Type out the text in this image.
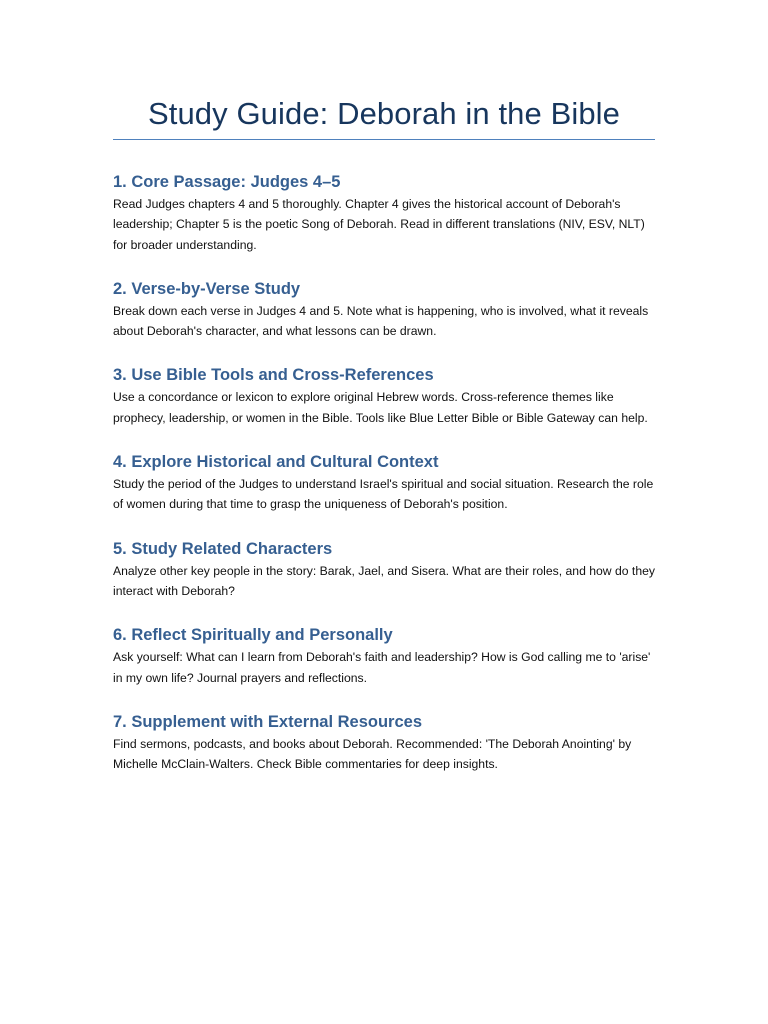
Study Guide: Deborah in the Bible
1. Core Passage: Judges 4–5

Read Judges chapters 4 and 5 thoroughly. Chapter 4 gives the historical account of Deborah's leadership; Chapter 5 is the poetic Song of Deborah. Read in different translations (NIV, ESV, NLT) for broader understanding.

2. Verse-by-Verse Study

Break down each verse in Judges 4 and 5. Note what is happening, who is involved, what it reveals about Deborah's character, and what lessons can be drawn.

3. Use Bible Tools and Cross-References

Use a concordance or lexicon to explore original Hebrew words. Cross-reference themes like prophecy, leadership, or women in the Bible. Tools like Blue Letter Bible or Bible Gateway can help.

4. Explore Historical and Cultural Context

Study the period of the Judges to understand Israel's spiritual and social situation. Research the role of women during that time to grasp the uniqueness of Deborah's position.

5. Study Related Characters

Analyze other key people in the story: Barak, Jael, and Sisera. What are their roles, and how do they interact with Deborah?

6. Reflect Spiritually and Personally

Ask yourself: What can I learn from Deborah's faith and leadership? How is God calling me to 'arise' in my own life? Journal prayers and reflections.

7. Supplement with External Resources

Find sermons, podcasts, and books about Deborah. Recommended: 'The Deborah Anointing' by Michelle McClain-Walters. Check Bible commentaries for deep insights.
